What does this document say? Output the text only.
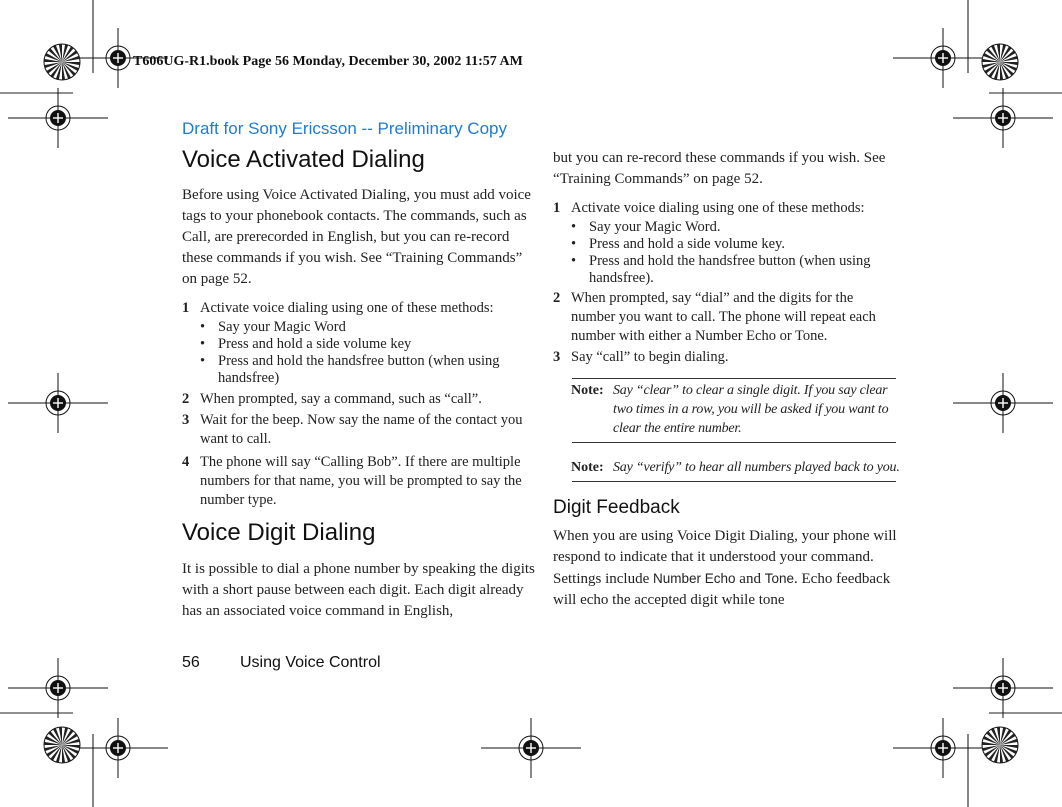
T606UG-R1.book Page 56 Monday, December 30, 2002 11:57 AM
Draft for Sony Ericsson -- Preliminary Copy
Voice Activated Dialing
Before using Voice Activated Dialing, you must add voice tags to your phonebook contacts. The commands, such as Call, are prerecorded in English, but you can re-record these commands if you wish. See “Training Commands” on page 52.
1 Activate voice dialing using one of these methods:
• Say your Magic Word
• Press and hold a side volume key
• Press and hold the handsfree button (when using handsfree)
2 When prompted, say a command, such as “call”.
3 Wait for the beep. Now say the name of the contact you want to call.
4 The phone will say “Calling Bob”. If there are multiple numbers for that name, you will be prompted to say the number type.
Voice Digit Dialing
It is possible to dial a phone number by speaking the digits with a short pause between each digit. Each digit already has an associated voice command in English,
but you can re-record these commands if you wish. See “Training Commands” on page 52.
1 Activate voice dialing using one of these methods:
• Say your Magic Word.
• Press and hold a side volume key.
• Press and hold the handsfree button (when using handsfree).
2 When prompted, say “dial” and the digits for the number you want to call. The phone will repeat each number with either a Number Echo or Tone.
3 Say “call” to begin dialing.
Note: Say “clear” to clear a single digit. If you say clear two times in a row, you will be asked if you want to clear the entire number.
Note: Say “verify” to hear all numbers played back to you.
Digit Feedback
When you are using Voice Digit Dialing, your phone will respond to indicate that it understood your command. Settings include Number Echo and Tone. Echo feedback will echo the accepted digit while tone
56	Using Voice Control
